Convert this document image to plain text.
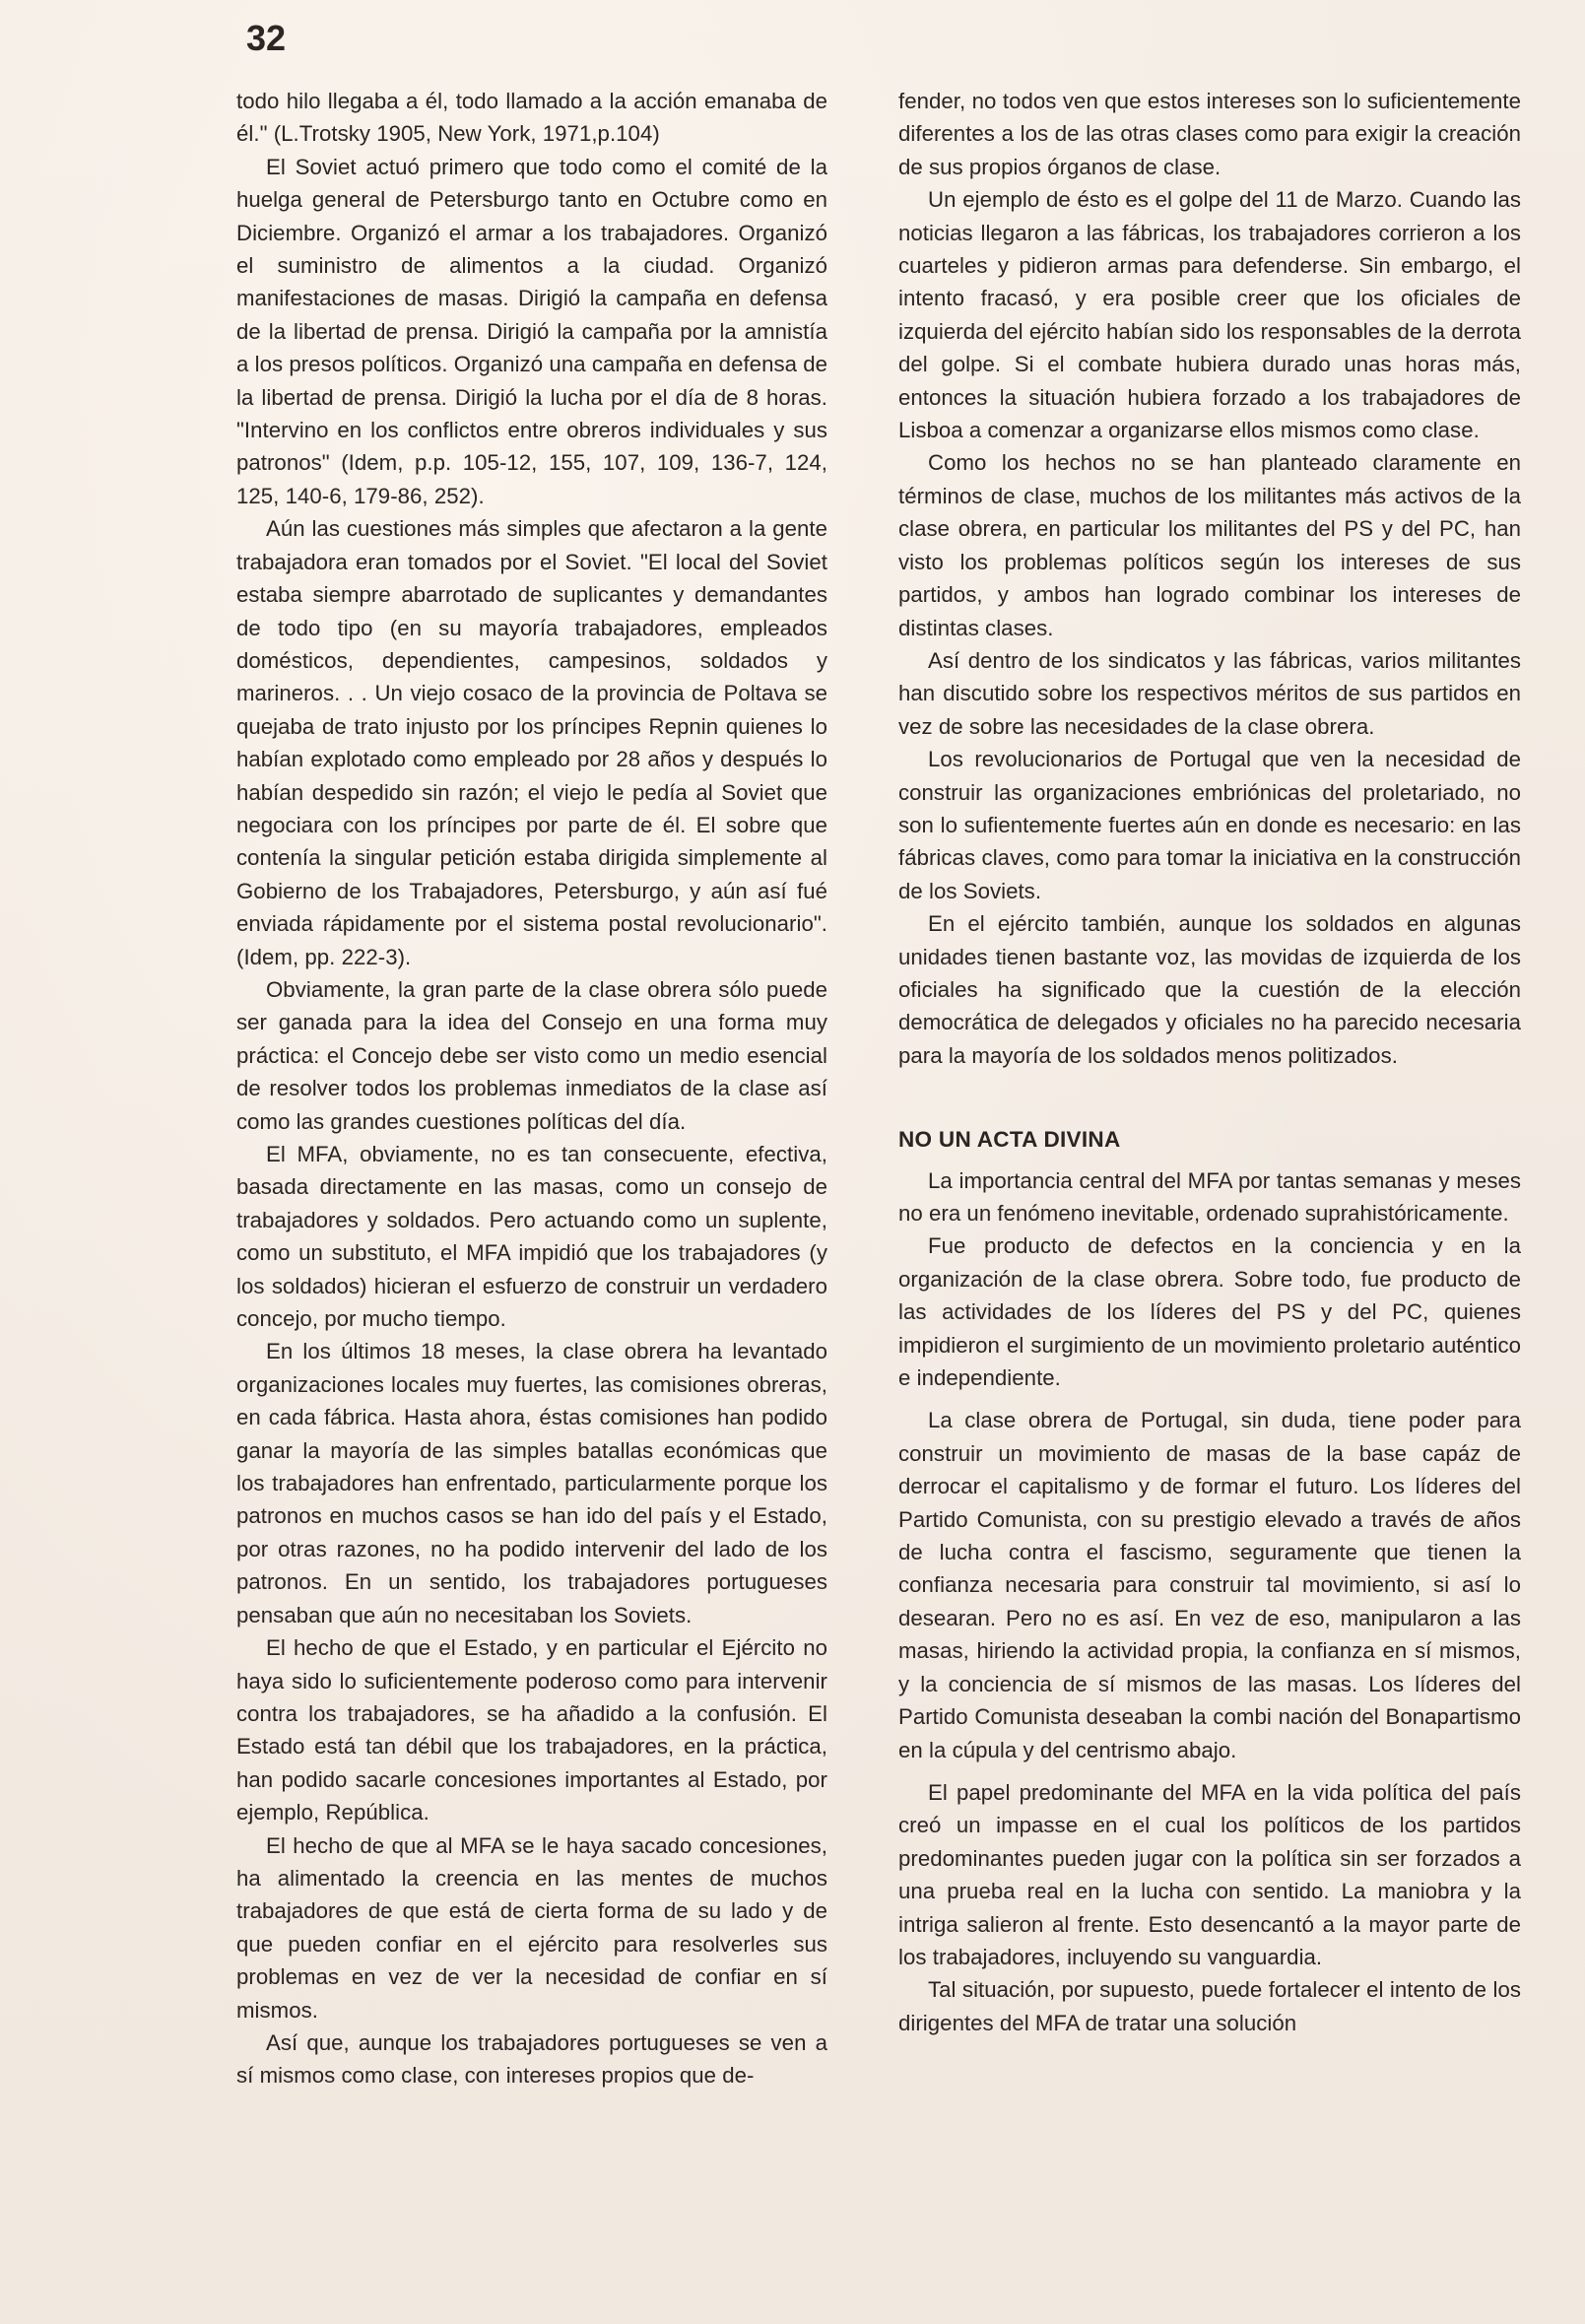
32

todo hilo llegaba a él, todo llamado a la acción emanaba de él." (L.Trotsky 1905, New York, 1971,p.104)

El Soviet actuó primero que todo como el comité de la huelga general de Petersburgo tanto en Octubre como en Diciembre. Organizó el armar a los trabajadores. Organizó el suministro de alimentos a la ciudad. Organizó manifestaciones de masas. Dirigió la campaña en defensa de la libertad de prensa. Dirigió la campaña por la amnistía a los presos políticos. Organizó una campaña en defensa de la libertad de prensa. Dirigió la lucha por el día de 8 horas. "Intervino en los conflictos entre obreros individuales y sus patronos" (Idem, p.p. 105-12, 155, 107, 109, 136-7, 124, 125, 140-6, 179-86, 252).

Aún las cuestiones más simples que afectaron a la gente trabajadora eran tomados por el Soviet. "El local del Soviet estaba siempre abarrotado de suplicantes y demandantes de todo tipo (en su mayoría trabajadores, empleados domésticos, dependientes, campesinos, soldados y marineros. . . Un viejo cosaco de la provincia de Poltava se quejaba de trato injusto por los príncipes Repnin quienes lo habían explotado como empleado por 28 años y después lo habían despedido sin razón; el viejo le pedía al Soviet que negociara con los príncipes por parte de él. El sobre que contenía la singular petición estaba dirigida simplemente al Gobierno de los Trabajadores, Petersburgo, y aún así fué enviada rápidamente por el sistema postal revolucionario". (Idem, pp. 222-3).

Obviamente, la gran parte de la clase obrera sólo puede ser ganada para la idea del Consejo en una forma muy práctica: el Concejo debe ser visto como un medio esencial de resolver todos los problemas inmediatos de la clase así como las grandes cuestiones políticas del día.

El MFA, obviamente, no es tan consecuente, efectiva, basada directamente en las masas, como un consejo de trabajadores y soldados. Pero actuando como un suplente, como un substituto, el MFA impidió que los trabajadores (y los soldados) hicieran el esfuerzo de construir un verdadero concejo, por mucho tiempo.

En los últimos 18 meses, la clase obrera ha levantado organizaciones locales muy fuertes, las comisiones obreras, en cada fábrica. Hasta ahora, éstas comisiones han podido ganar la mayoría de las simples batallas económicas que los trabajadores han enfrentado, particularmente porque los patronos en muchos casos se han ido del país y el Estado, por otras razones, no ha podido intervenir del lado de los patronos. En un sentido, los trabajadores portugueses pensaban que aún no necesitaban los Soviets.

El hecho de que el Estado, y en particular el Ejército no haya sido lo suficientemente poderoso como para intervenir contra los trabajadores, se ha añadido a la confusión. El Estado está tan débil que los trabajadores, en la práctica, han podido sacarle concesiones importantes al Estado, por ejemplo, República.

El hecho de que al MFA se le haya sacado concesiones, ha alimentado la creencia en las mentes de muchos trabajadores de que está de cierta forma de su lado y de que pueden confiar en el ejército para resolverles sus problemas en vez de ver la necesidad de confiar en sí mismos.

Así que, aunque los trabajadores portugueses se ven a sí mismos como clase, con intereses propios que de-

fender, no todos ven que estos intereses son lo suficientemente diferentes a los de las otras clases como para exigir la creación de sus propios órganos de clase.

Un ejemplo de ésto es el golpe del 11 de Marzo. Cuando las noticias llegaron a las fábricas, los trabajadores corrieron a los cuarteles y pidieron armas para defenderse. Sin embargo, el intento fracasó, y era posible creer que los oficiales de izquierda del ejército habían sido los responsables de la derrota del golpe. Si el combate hubiera durado unas horas más, entonces la situación hubiera forzado a los trabajadores de Lisboa a comenzar a organizarse ellos mismos como clase.

Como los hechos no se han planteado claramente en términos de clase, muchos de los militantes más activos de la clase obrera, en particular los militantes del PS y del PC, han visto los problemas políticos según los intereses de sus partidos, y ambos han logrado combinar los intereses de distintas clases.

Así dentro de los sindicatos y las fábricas, varios militantes han discutido sobre los respectivos méritos de sus partidos en vez de sobre las necesidades de la clase obrera.

Los revolucionarios de Portugal que ven la necesidad de construir las organizaciones embriónicas del proletariado, no son lo sufientemente fuertes aún en donde es necesario: en las fábricas claves, como para tomar la iniciativa en la construcción de los Soviets.

En el ejército también, aunque los soldados en algunas unidades tienen bastante voz, las movidas de izquierda de los oficiales ha significado que la cuestión de la elección democrática de delegados y oficiales no ha parecido necesaria para la mayoría de los soldados menos politizados.

NO UN ACTA DIVINA

La importancia central del MFA por tantas semanas y meses no era un fenómeno inevitable, ordenado suprahistóricamente.

Fue producto de defectos en la conciencia y en la organización de la clase obrera. Sobre todo, fue producto de las actividades de los líderes del PS y del PC, quienes impidieron el surgimiento de un movimiento proletario auténtico e independiente.

La clase obrera de Portugal, sin duda, tiene poder para construir un movimiento de masas de la base capáz de derrocar el capitalismo y de formar el futuro. Los líderes del Partido Comunista, con su prestigio elevado a través de años de lucha contra el fascismo, seguramente que tienen la confianza necesaria para construir tal movimiento, si así lo desearan. Pero no es así. En vez de eso, manipularon a las masas, hiriendo la actividad propia, la confianza en sí mismos, y la conciencia de sí mismos de las masas. Los líderes del Partido Comunista deseaban la combi nación del Bonapartismo en la cúpula y del centrismo abajo.

El papel predominante del MFA en la vida política del país creó un impasse en el cual los políticos de los partidos predominantes pueden jugar con la política sin ser forzados a una prueba real en la lucha con sentido. La maniobra y la intriga salieron al frente. Esto desencantó a la mayor parte de los trabajadores, incluyendo su vanguardia.

Tal situación, por supuesto, puede fortalecer el intento de los dirigentes del MFA de tratar una solución
